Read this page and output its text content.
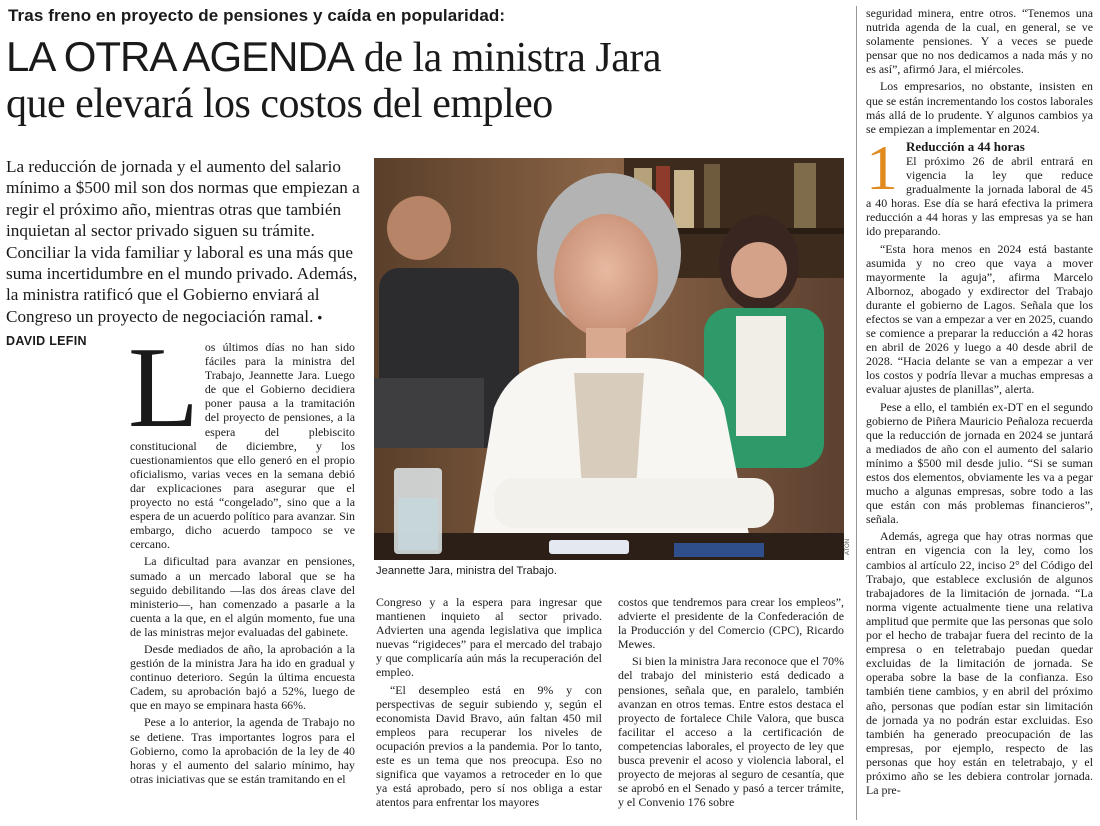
Tras freno en proyecto de pensiones y caída en popularidad:
LA OTRA AGENDA de la ministra Jara
que elevará los costos del empleo
La reducción de jornada y el aumento del salario mínimo a $500 mil son dos normas que empiezan a regir el próximo año, mientras otras que también inquietan al sector privado siguen su trámite. Conciliar la vida familiar y laboral es una más que suma incertidumbre en el mundo privado. Además, la ministra ratificó que el Gobierno enviará al Congreso un proyecto de negociación ramal. • DAVID LEFIN Los últimos días no han sido fáciles para la ministra del Trabajo, Jeannette Jara. Luego de que el Gobierno decidiera poner pausa a la tramitación del proyecto de pensiones, a la espera del plebiscito constitucional de diciembre, y los cuestionamientos que ello generó en el propio oficialismo, varias veces en la semana debió dar explicaciones para asegurar que el proyecto no está “congelado”, sino que a la espera de un acuerdo político para avanzar. Sin embargo, dicho acuerdo tampoco se ve cercano.

La dificultad para avanzar en pensiones, sumado a un mercado laboral que se ha seguido debilitando —las dos áreas clave del ministerio—, han comenzado a pasarle a la cuenta a la que, en el algún momento, fue una de las ministras mejor evaluadas del gabinete.

Desde mediados de año, la aprobación a la gestión de la ministra Jara ha ido en gradual y continuo deterioro. Según la última encuesta Cadem, su aprobación bajó a 52%, luego de que en mayo se empinara hasta 66%.

Pese a lo anterior, la agenda de Trabajo no se detiene. Tras importantes logros para el Gobierno, como la aprobación de la ley de 40 horas y el aumento del salario mínimo, hay otras iniciativas que se están tramitando en el

ATON
Jeannette Jara, ministra del Trabajo.

Congreso y a la espera para ingresar que mantienen inquieto al sector privado. Advierten una agenda legislativa que implica nuevas “rigideces” para el mercado del trabajo y que complicaría aún más la recuperación del empleo.

“El desempleo está en 9% y con perspectivas de seguir subiendo y, según el economista David Bravo, aún faltan 450 mil empleos para recuperar los niveles de ocupación previos a la pandemia. Por lo tanto, este es un tema que nos preocupa. Eso no significa que vayamos a retroceder en lo que ya está aprobado, pero sí nos obliga a estar atentos para enfrentar los mayores

costos que tendremos para crear los empleos”, advierte el presidente de la Confederación de la Producción y del Comercio (CPC), Ricardo Mewes.

Si bien la ministra Jara reconoce que el 70% del trabajo del ministerio está dedicado a pensiones, señala que, en paralelo, también avanzan en otros temas. Entre estos destaca el proyecto de fortalece Chile Valora, que busca facilitar el acceso a la certificación de competencias laborales, el proyecto de ley que busca prevenir el acoso y violencia laboral, el proyecto de mejoras al seguro de cesantía, que se aprobó en el Senado y pasó a tercer trámite, y el Convenio 176 sobre

seguridad minera, entre otros. “Tenemos una nutrida agenda de la cual, en general, se ve solamente pensiones. Y a veces se puede pensar que no nos dedicamos a nada más y no es así”, afirmó Jara, el miércoles.

Los empresarios, no obstante, insisten en que se están incrementando los costos laborales más allá de lo prudente. Y algunos cambios ya se empiezan a implementar en 2024.

1 Reducción a 44 horas

El próximo 26 de abril entrará en vigencia la ley que reduce gradualmente la jornada laboral de 45 a 40 horas. Ese día se hará efectiva la primera reducción a 44 horas y las empresas ya se han ido preparando.

“Esta hora menos en 2024 está bastante asumida y no creo que vaya a mover mayormente la aguja”, afirma Marcelo Albornoz, abogado y exdirector del Trabajo durante el gobierno de Lagos. Señala que los efectos se van a empezar a ver en 2025, cuando se comience a preparar la reducción a 42 horas en abril de 2026 y luego a 40 desde abril de 2028. “Hacia delante se van a empezar a ver los costos y podría llevar a muchas empresas a evaluar ajustes de planillas”, alerta.

Pese a ello, el también ex-DT en el segundo gobierno de Piñera Mauricio Peñaloza recuerda que la reducción de jornada en 2024 se juntará a mediados de año con el aumento del salario mínimo a $500 mil desde julio. “Si se suman estos dos elementos, obviamente les va a pegar mucho a algunas empresas, sobre todo a las que están con más problemas financieros”, señala.

Además, agrega que hay otras normas que entran en vigencia con la ley, como los cambios al artículo 22, inciso 2° del Código del Trabajo, que establece exclusión de algunos trabajadores de la limitación de jornada. “La norma vigente actualmente tiene una relativa amplitud que permite que las personas que solo por el hecho de trabajar fuera del recinto de la empresa o en teletrabajo puedan quedar excluidas de la limitación de jornada. Se operaba sobre la base de la confianza. Eso también tiene cambios, y en abril del próximo año, personas que podían estar sin limitación de jornada ya no podrán estar excluidas. Eso también ha generado preocupación de las empresas, por ejemplo, respecto de las personas que hoy están en teletrabajo, y el próximo año se les debiera controlar jornada. La pre-
